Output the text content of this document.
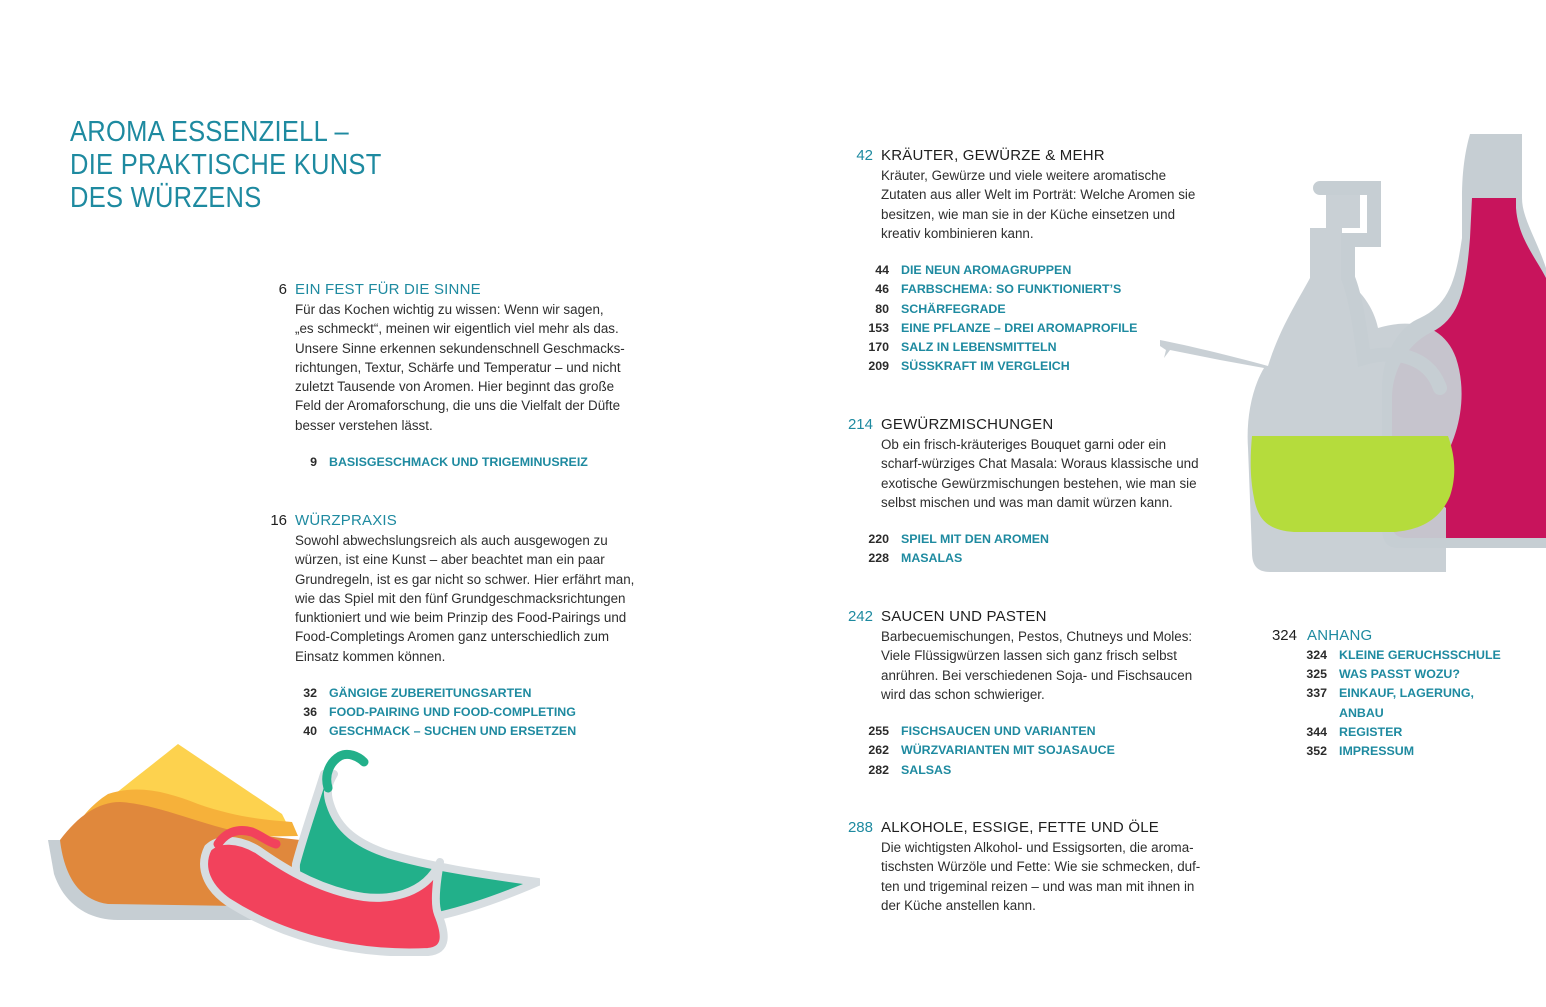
AROMA ESSENZIELL –
DIE PRAKTISCHE KUNST
DES WÜRZENS
6 EIN FEST FÜR DIE SINNE

Für das Kochen wichtig zu wissen: Wenn wir sagen,
„es schmeckt“, meinen wir eigentlich viel mehr als das.
Unsere Sinne erkennen sekundenschnell Geschmacks-
richtungen, Textur, Schärfe und Temperatur – und nicht
zuletzt Tausende von Aromen. Hier beginnt das große
Feld der Aromaforschung, die uns die Vielfalt der Düfte
besser verstehen lässt.

9 BASISGESCHMACK UND TRIGEMINUSREIZ
16 WÜRZPRAXIS

Sowohl abwechslungsreich als auch ausgewogen zu
würzen, ist eine Kunst – aber beachtet man ein paar
Grundregeln, ist es gar nicht so schwer. Hier erfährt man,
wie das Spiel mit den fünf Grundgeschmacksrichtungen
funktioniert und wie beim Prinzip des Food-Pairings und
Food-Completings Aromen ganz unterschiedlich zum
Einsatz kommen können.

32 GÄNGIGE ZUBEREITUNGSARTEN
36 FOOD-PAIRING UND FOOD-COMPLETING
40 GESCHMACK – SUCHEN UND ERSETZEN
42 KRÄUTER, GEWÜRZE & MEHR

Kräuter, Gewürze und viele weitere aromatische
Zutaten aus aller Welt im Porträt: Welche Aromen sie
besitzen, wie man sie in der Küche einsetzen und
kreativ kombinieren kann.

44 DIE NEUN AROMAGRUPPEN
46 FARBSCHEMA: SO FUNKTIONIERT’S
80 SCHÄRFEGRADE
153 EINE PFLANZE – DREI AROMAPROFILE
170 SALZ IN LEBENSMITTELN
209 SÜSSKRAFT IM VERGLEICH
214 GEWÜRZMISCHUNGEN

Ob ein frisch-kräuteriges Bouquet garni oder ein
scharf-würziges Chat Masala: Woraus klassische und
exotische Gewürzmischungen bestehen, wie man sie
selbst mischen und was man damit würzen kann.

220 SPIEL MIT DEN AROMEN
228 MASALAS
242 SAUCEN UND PASTEN

Barbecuemischungen, Pestos, Chutneys und Moles:
Viele Flüssigwürzen lassen sich ganz frisch selbst
anrühren. Bei verschiedenen Soja- und Fischsaucen
wird das schon schwieriger.

255 FISCHSAUCEN UND VARIANTEN
262 WÜRZVARIANTEN MIT SOJASAUCE
282 SALSAS
288 ALKOHOLE, ESSIGE, FETTE UND ÖLE

Die wichtigsten Alkohol- und Essigsorten, die aroma-
tischsten Würzöle und Fette: Wie sie schmecken, duf-
ten und trigeminal reizen – und was man mit ihnen in
der Küche anstellen kann.

324 ANHANG
324 KLEINE GERUCHSSCHULE
325 WAS PASST WOZU?
337 EINKAUF, LAGERUNG,
ANBAU
344 REGISTER
352 IMPRESSUM
